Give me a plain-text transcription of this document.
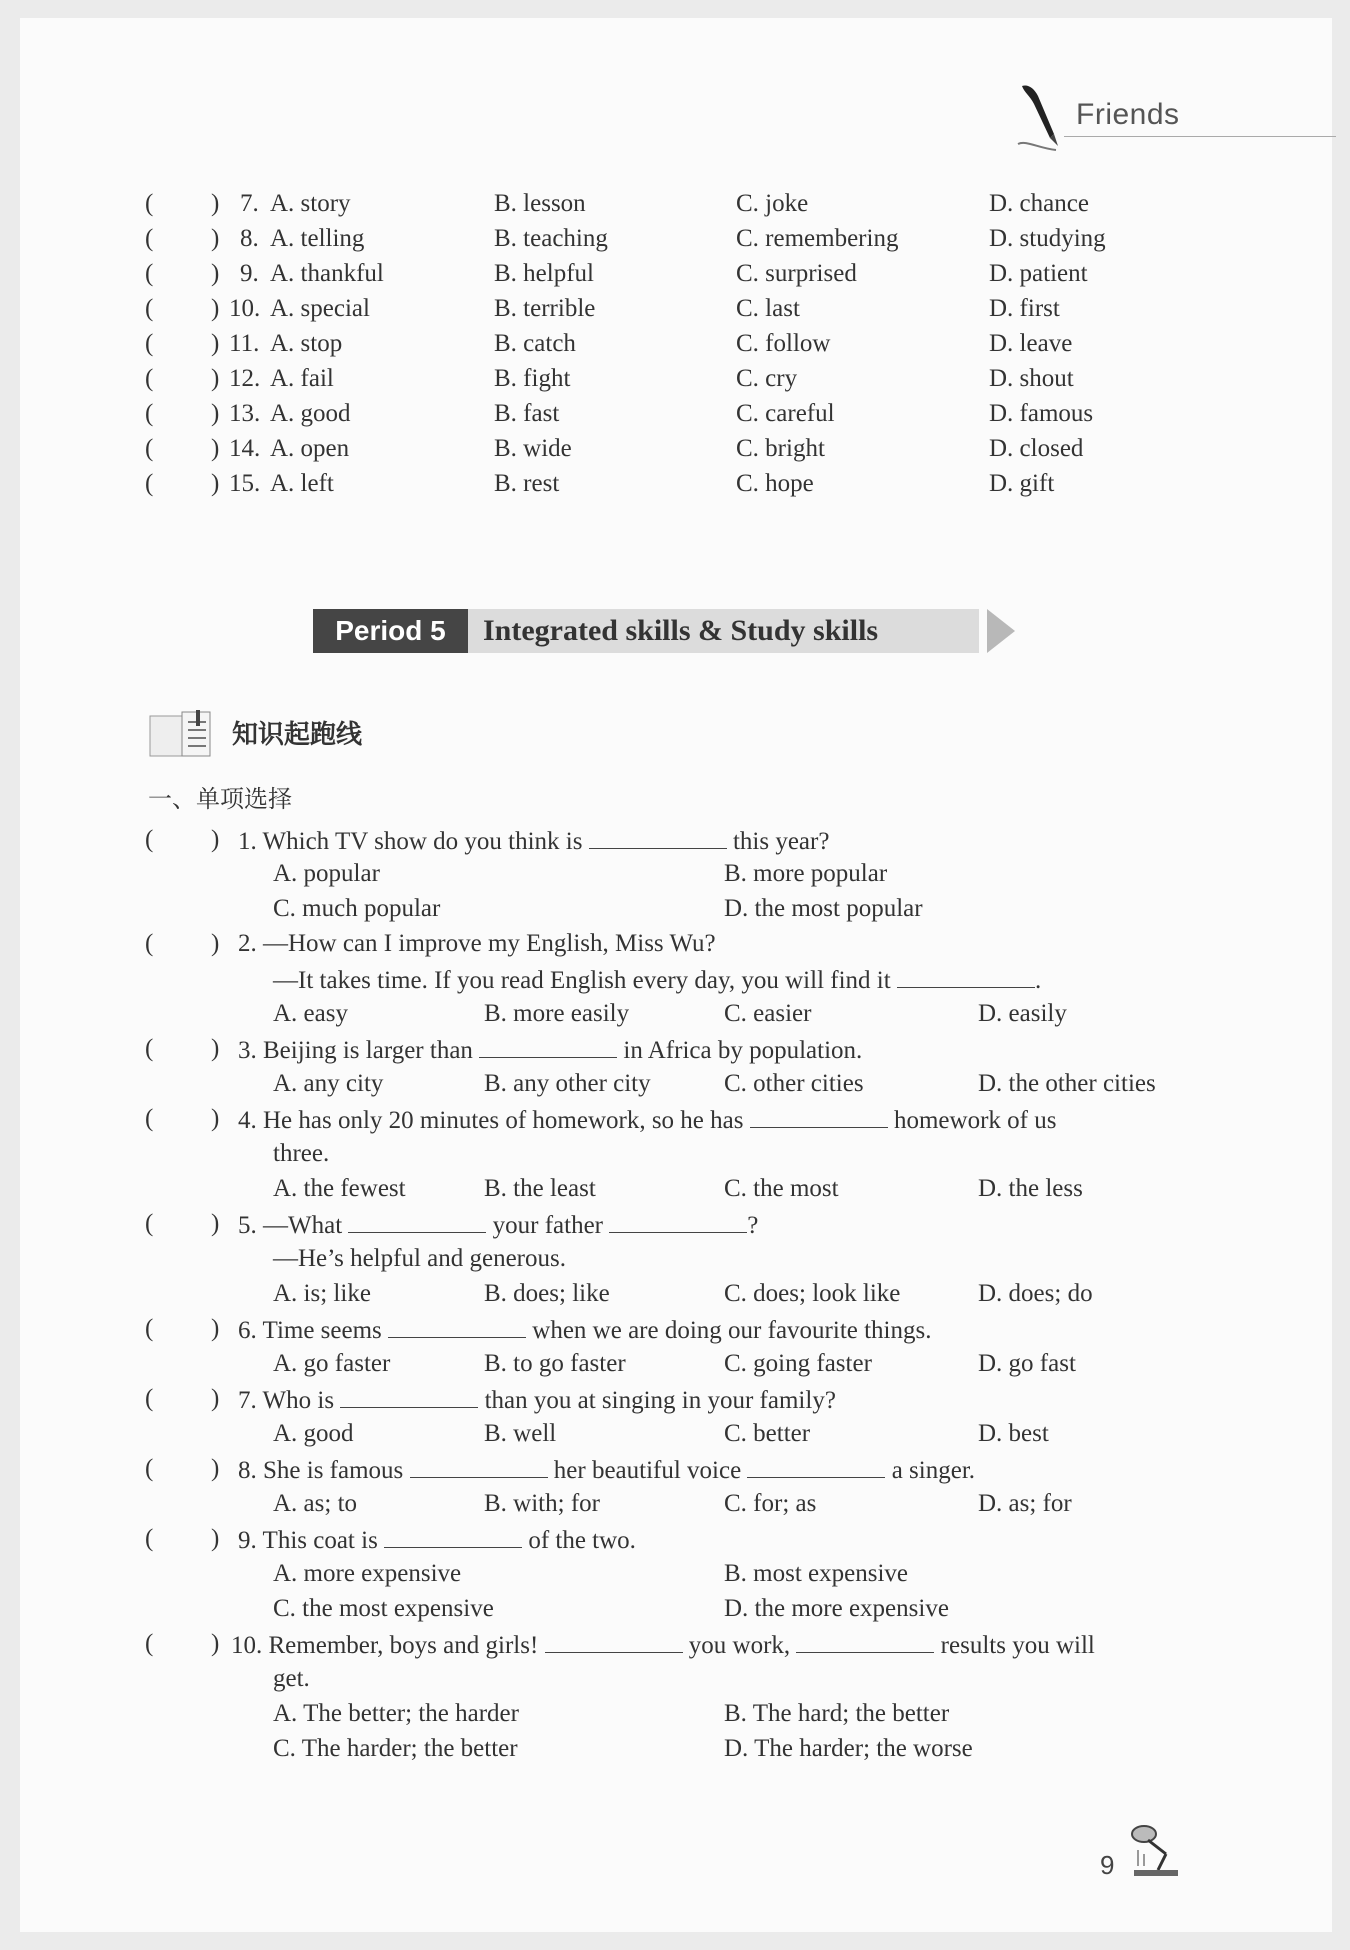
Friends
( ) 7. A. story	B. lesson	C. joke	D. chance
( ) 8. A. telling	B. teaching	C. remembering	D. studying
( ) 9. A. thankful	B. helpful	C. surprised	D. patient
( ) 10. A. special	B. terrible	C. last	D. first
( ) 11. A. stop	B. catch	C. follow	D. leave
( ) 12. A. fail	B. fight	C. cry	D. shout
( ) 13. A. good	B. fast	C. careful	D. famous
( ) 14. A. open	B. wide	C. bright	D. closed
( ) 15. A. left	B. rest	C. hope	D. gift
Period 5	Integrated skills & Study skills
知识起跑线
一、单项选择
( ) 1. Which TV show do you think is	this year?
A. popular	B. more popular
C. much popular	D. the most popular
( ) 2. —How can I improve my English, Miss Wu?
—It takes time. If you read English every day, you will find it	.
A. easy	B. more easily	C. easier	D. easily
( ) 3. Beijing is larger than	in Africa by population.
A. any city	B. any other city	C. other cities	D. the other cities
( ) 4. He has only 20 minutes of homework, so he has	homework of us
three.
A. the fewest	B. the least	C. the most	D. the less
( ) 5. —What	your father	?
—He’s helpful and generous.
A. is; like	B. does; like	C. does; look like	D. does; do
( ) 6. Time seems	when we are doing our favourite things.
A. go faster	B. to go faster	C. going faster	D. go fast
( ) 7. Who is	than you at singing in your family?
A. good	B. well	C. better	D. best
( ) 8. She is famous	her beautiful voice	a singer.
A. as; to	B. with; for	C. for; as	D. as; for
( ) 9. This coat is	of the two.
A. more expensive	B. most expensive
C. the most expensive	D. the more expensive
( ) 10. Remember, boys and girls!	you work,	results you will
get.
A. The better; the harder	B. The hard; the better
C. The harder; the better	D. The harder; the worse
9
